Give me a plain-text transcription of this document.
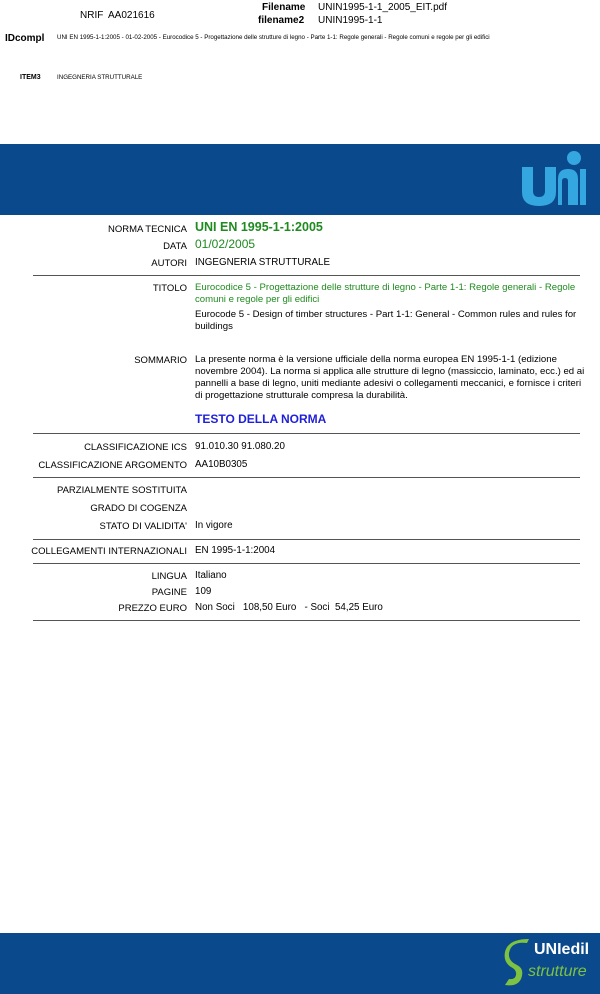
NRIF AA021616
Filename UNIN1995-1-1_2005_EIT.pdf
filename2 UNIN1995-1-1
IDcompl UNI EN 1995-1-1:2005 - 01-02-2005 - Eurocodice 5 - Progettazione delle strutture di legno - Parte 1-1: Regole generali - Regole comuni e regole per gli edifici
ITEM3	INGEGNERIA STRUTTURALE
NORMA TECNICA UNI EN 1995-1-1:2005
DATA 01/02/2005
AUTORI INGEGNERIA STRUTTURALE
TITOLO Eurocodice 5 - Progettazione delle strutture di legno - Parte 1-1: Regole generali - Regole comuni e regole per gli edifici
Eurocode 5 - Design of timber structures - Part 1-1: General - Common rules and rules for buildings
SOMMARIO La presente norma è la versione ufficiale della norma europea EN 1995-1-1 (edizione novembre 2004). La norma si applica alle strutture di legno (massiccio, laminato, ecc.) ed ai pannelli a base di legno, uniti mediante adesivi o collegamenti meccanici, e fornisce i criteri di progettazione strutturale compresa la durabilità.
TESTO DELLA NORMA
CLASSIFICAZIONE ICS 91.010.30 91.080.20
CLASSIFICAZIONE ARGOMENTO AA10B0305
PARZIALMENTE SOSTITUITA
GRADO DI COGENZA
STATO DI VALIDITA' In vigore
COLLEGAMENTI INTERNAZIONALI EN 1995-1-1:2004
LINGUA Italiano
PAGINE 109
PREZZO EURO Non Soci   108,50 Euro   - Soci  54,25 Euro
UNIedil
strutture
